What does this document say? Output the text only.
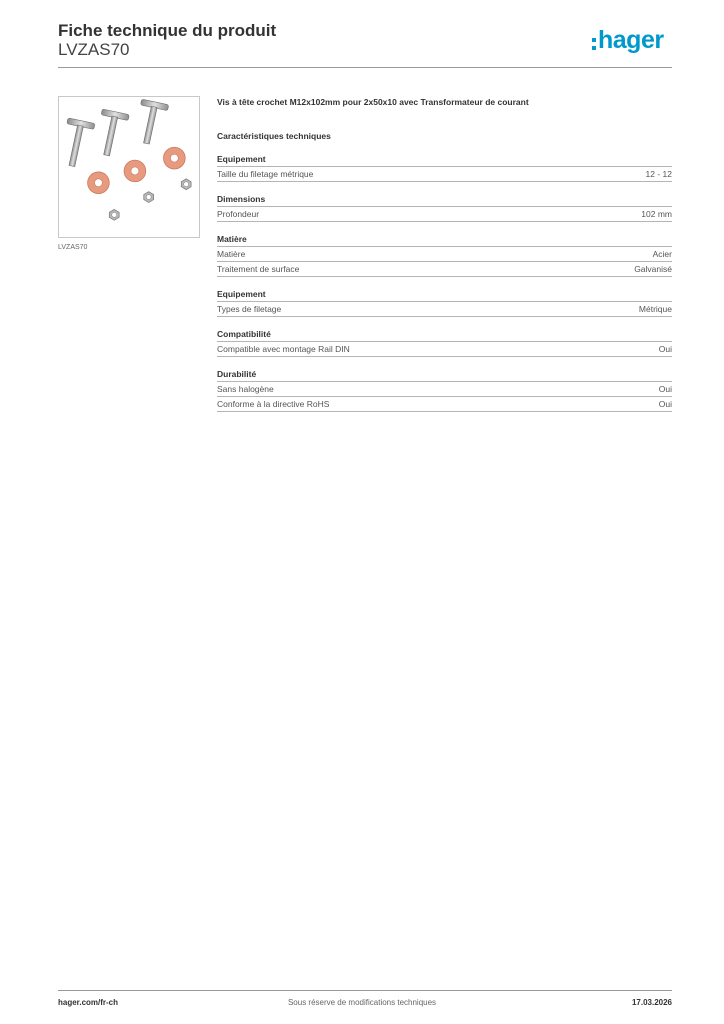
Fiche technique du produit
LVZAS70	hager
LVZAS70
Vis à tête crochet M12x102mm pour 2x50x10 avec Transformateur de courant
Caractéristiques techniques
Equipement
Taille du filetage métrique	12 - 12
Dimensions
Profondeur	102 mm
Matière
Matière	Acier
Traitement de surface	Galvanisé
Equipement
Types de filetage	Métrique
Compatibilité
Compatible avec montage Rail DIN	Oui
Durabilité
Sans halogène	Oui
Conforme à la directive RoHS	Oui
hager.com/fr-ch	Sous réserve de modifications techniques	17.03.2026
